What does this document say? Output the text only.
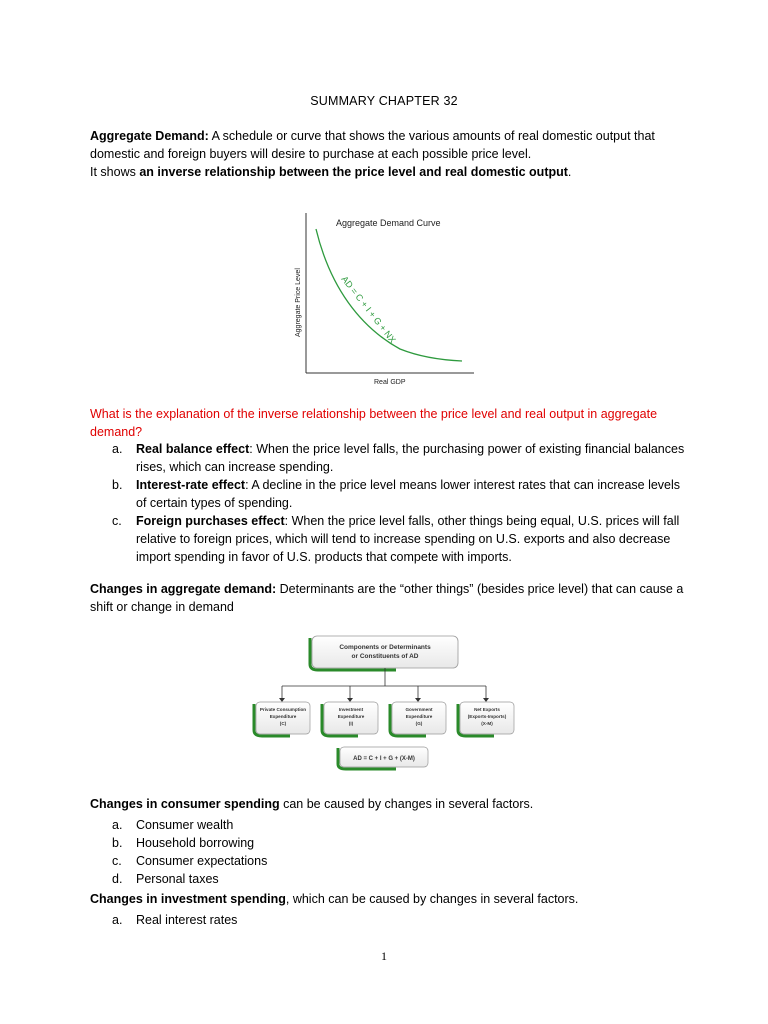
SUMMARY CHAPTER 32
Aggregate Demand: A schedule or curve that shows the various amounts of real domestic output that domestic and foreign buyers will desire to purchase at each possible price level.
It shows an inverse relationship between the price level and real domestic output.
Aggregate Demand Curve
Aggregate Price Level
Real GDP
AD = C + I + G + NX
What is the explanation of the inverse relationship between the price level and real output in aggregate demand?
a.	Real balance effect: When the price level falls, the purchasing power of existing financial balances rises, which can increase spending.
b.	Interest-rate effect: A decline in the price level means lower interest rates that can increase levels of certain types of spending.
c.	Foreign purchases effect: When the price level falls, other things being equal, U.S. prices will fall relative to foreign prices, which will tend to increase spending on U.S. exports and also decrease import spending in favor of U.S. products that compete with imports.
Changes in aggregate demand: Determinants are the “other things” (besides price level) that can cause a shift or change in demand
Components or Determinants
or Constituents of AD
Private Consumption
Expenditure
(C)
Investment
Expenditure
(I)
Government
Expenditure
(G)
Net Exports
(Exports-Imports)
(X-M)
AD = C + I + G + (X-M)
Changes in consumer spending can be caused by changes in several factors.
a.	Consumer wealth
b.	Household borrowing
c.	Consumer expectations
d.	Personal taxes
Changes in investment spending, which can be caused by changes in several factors.
a.	Real interest rates
1
